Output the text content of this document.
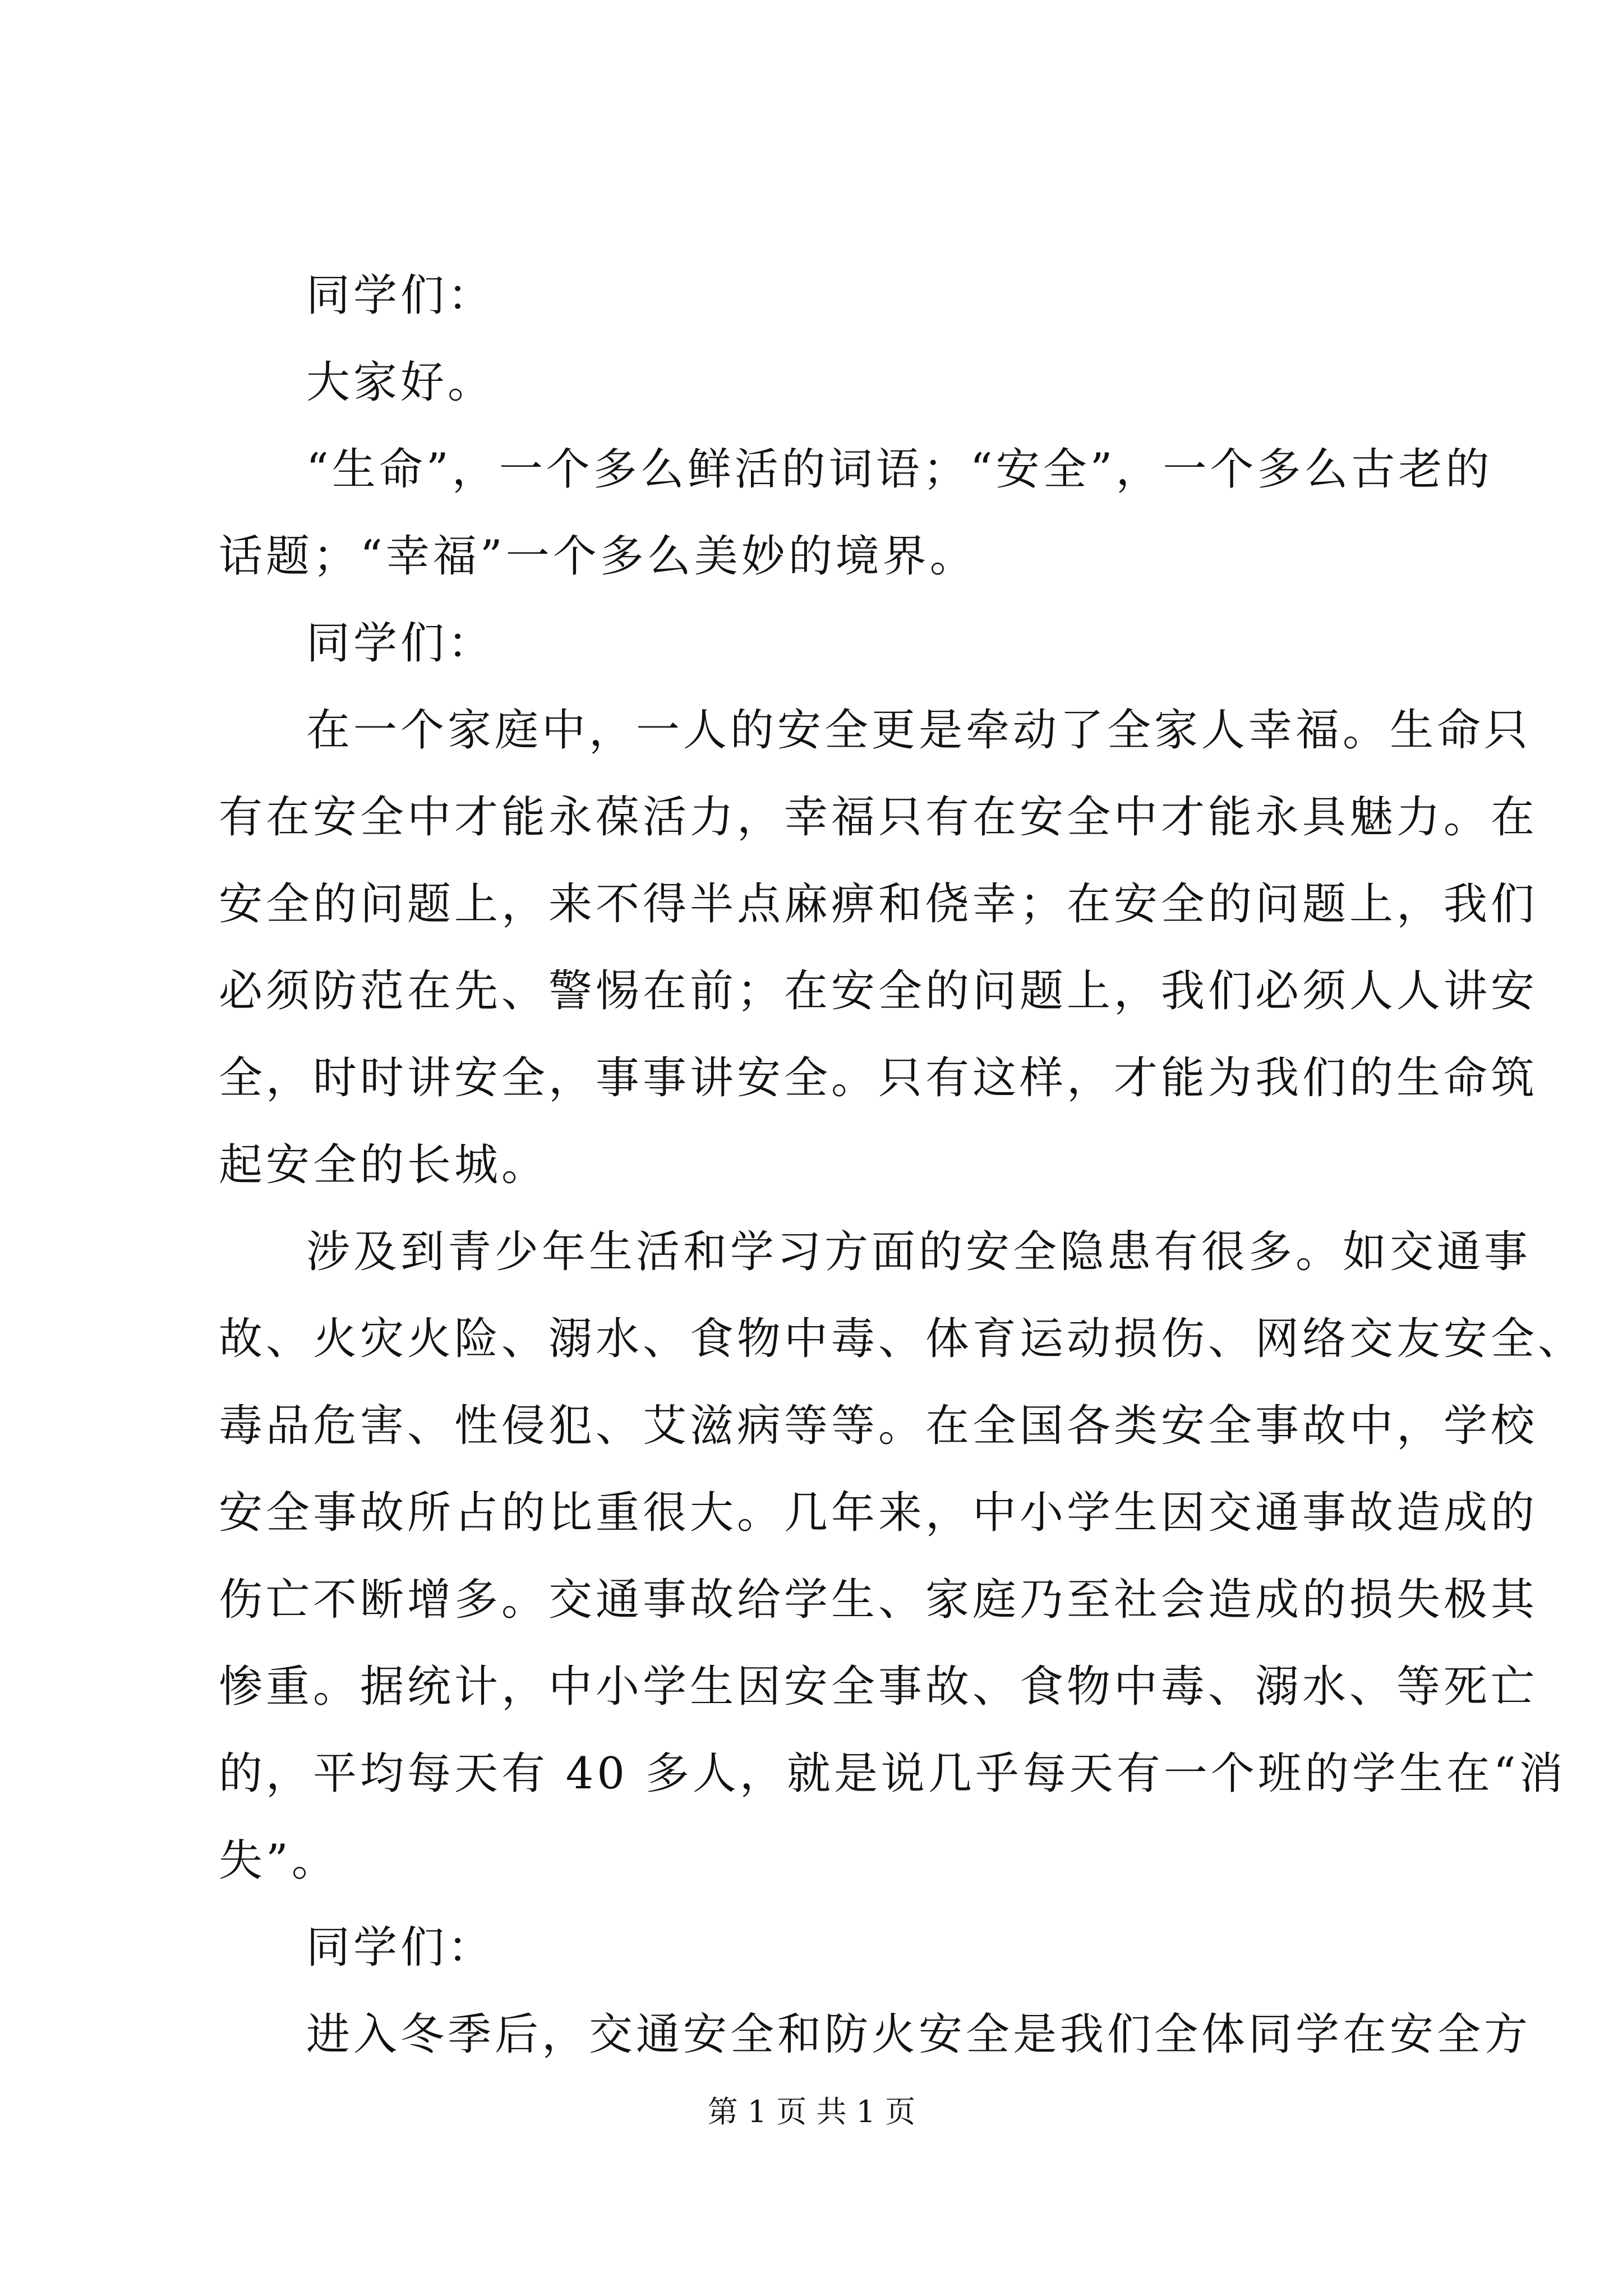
同学们：
大家好。
“生命”，一个多么鲜活的词语；“安全”，一个多么古老的
话题；“幸福”一个多么美妙的境界。
同学们：
在一个家庭中，一人的安全更是牵动了全家人幸福。生命只
有在安全中才能永葆活力，幸福只有在安全中才能永具魅力。在
安全的问题上，来不得半点麻痹和侥幸；在安全的问题上，我们
必须防范在先、警惕在前；在安全的问题上，我们必须人人讲安
全，时时讲安全，事事讲安全。只有这样，才能为我们的生命筑
起安全的长城。
涉及到青少年生活和学习方面的安全隐患有很多。如交通事
故、火灾火险、溺水、食物中毒、体育运动损伤、网络交友安全、
毒品危害、性侵犯、艾滋病等等。在全国各类安全事故中，学校
安全事故所占的比重很大。几年来，中小学生因交通事故造成的
伤亡不断增多。交通事故给学生、家庭乃至社会造成的损失极其
惨重。据统计，中小学生因安全事故、食物中毒、溺水、等死亡
的，平均每天有 40 多人，就是说几乎每天有一个班的学生在“消
失”。
同学们：
进入冬季后，交通安全和防火安全是我们全体同学在安全方
第 1 页 共 1 页
